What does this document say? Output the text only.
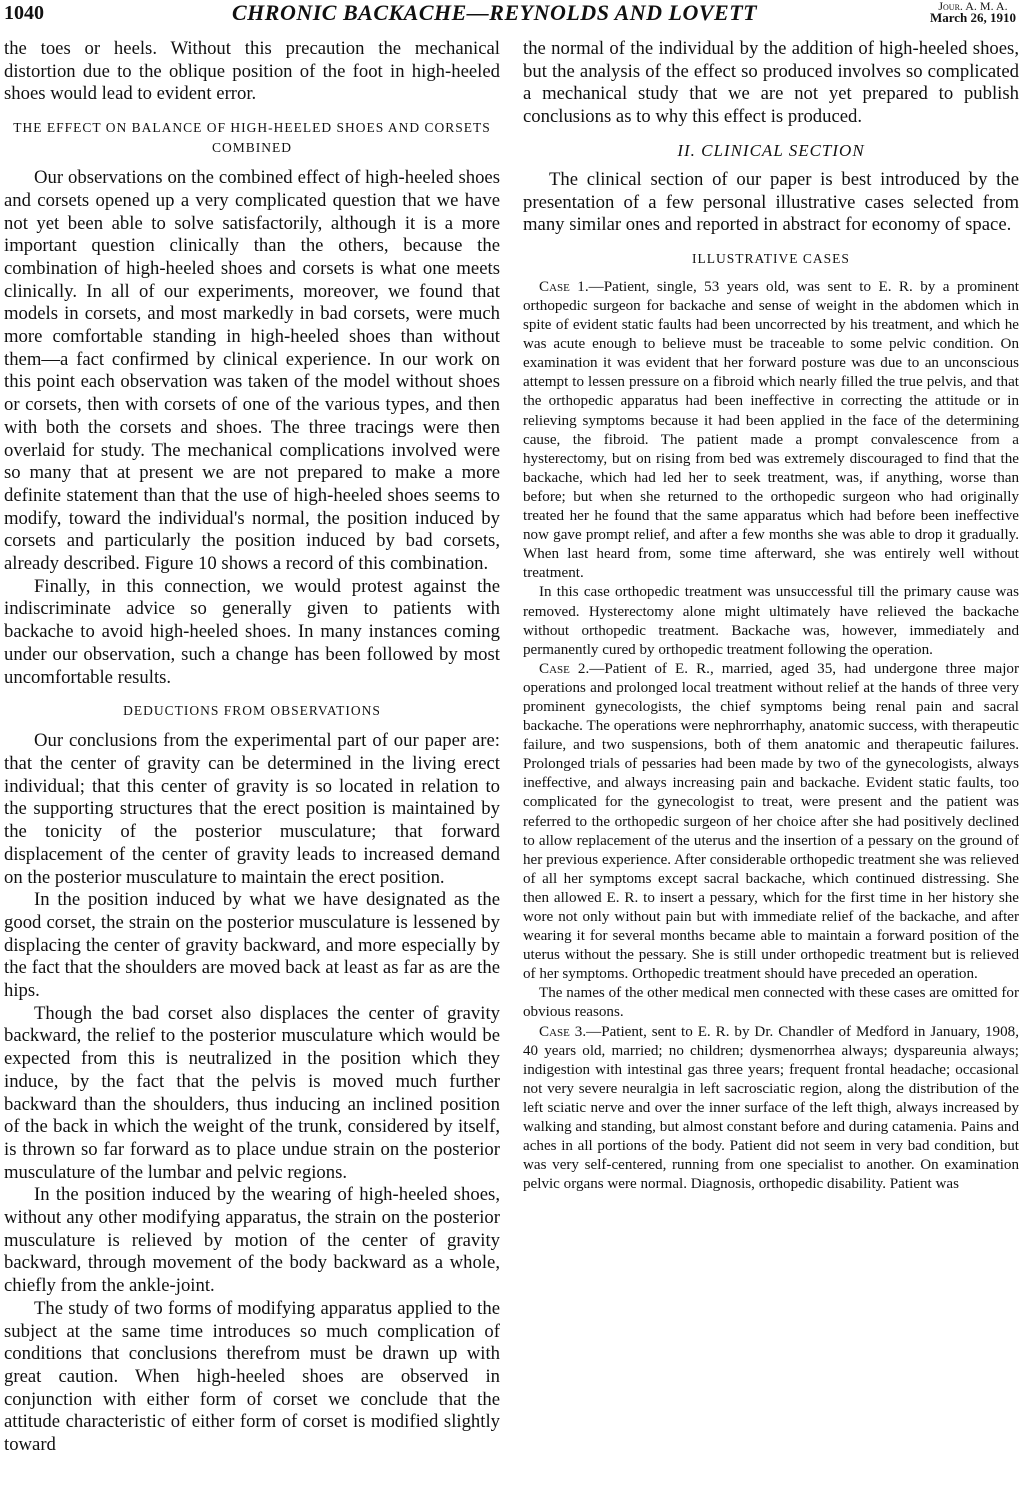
1040	CHRONIC BACKACHE—REYNOLDS AND LOVETT	Jour. A. M. A.
March 26, 1910

the toes or heels. Without this precaution the mechanical distortion due to the oblique position of the foot in high-heeled shoes would lead to evident error.

THE EFFECT ON BALANCE OF HIGH-HEELED SHOES AND CORSETS COMBINED

Our observations on the combined effect of high-heeled shoes and corsets opened up a very complicated question that we have not yet been able to solve satisfactorily, although it is a more important question clinically than the others, because the combination of high-heeled shoes and corsets is what one meets clinically. In all of our experiments, moreover, we found that models in corsets, and most markedly in bad corsets, were much more comfortable standing in high-heeled shoes than without them—a fact confirmed by clinical experience. In our work on this point each observation was taken of the model without shoes or corsets, then with corsets of one of the various types, and then with both the corsets and shoes. The three tracings were then overlaid for study. The mechanical complications involved were so many that at present we are not prepared to make a more definite statement than that the use of high-heeled shoes seems to modify, toward the individual's normal, the position induced by corsets and particularly the position induced by bad corsets, already described. Figure 10 shows a record of this combination.

Finally, in this connection, we would protest against the indiscriminate advice so generally given to patients with backache to avoid high-heeled shoes. In many instances coming under our observation, such a change has been followed by most uncomfortable results.

DEDUCTIONS FROM OBSERVATIONS

Our conclusions from the experimental part of our paper are: that the center of gravity can be determined in the living erect individual; that this center of gravity is so located in relation to the supporting structures that the erect position is maintained by the tonicity of the posterior musculature; that forward displacement of the center of gravity leads to increased demand on the posterior musculature to maintain the erect position.

In the position induced by what we have designated as the good corset, the strain on the posterior musculature is lessened by displacing the center of gravity backward, and more especially by the fact that the shoulders are moved back at least as far as are the hips.

Though the bad corset also displaces the center of gravity backward, the relief to the posterior musculature which would be expected from this is neutralized in the position which they induce, by the fact that the pelvis is moved much further backward than the shoulders, thus inducing an inclined position of the back in which the weight of the trunk, considered by itself, is thrown so far forward as to place undue strain on the posterior musculature of the lumbar and pelvic regions.

In the position induced by the wearing of high-heeled shoes, without any other modifying apparatus, the strain on the posterior musculature is relieved by motion of the center of gravity backward, through movement of the body backward as a whole, chiefly from the ankle-joint.

The study of two forms of modifying apparatus applied to the subject at the same time introduces so much complication of conditions that conclusions therefrom must be drawn up with great caution. When high-heeled shoes are observed in conjunction with either form of corset we conclude that the attitude characteristic of either form of corset is modified slightly toward

the normal of the individual by the addition of high-heeled shoes, but the analysis of the effect so produced involves so complicated a mechanical study that we are not yet prepared to publish conclusions as to why this effect is produced.

II. CLINICAL SECTION

The clinical section of our paper is best introduced by the presentation of a few personal illustrative cases selected from many similar ones and reported in abstract for economy of space.

ILLUSTRATIVE CASES

Case 1.—Patient, single, 53 years old, was sent to E. R. by a prominent orthopedic surgeon for backache and sense of weight in the abdomen which in spite of evident static faults had been uncorrected by his treatment, and which he was acute enough to believe must be traceable to some pelvic condition. On examination it was evident that her forward posture was due to an unconscious attempt to lessen pressure on a fibroid which nearly filled the true pelvis, and that the orthopedic apparatus had been ineffective in correcting the attitude or in relieving symptoms because it had been applied in the face of the determining cause, the fibroid. The patient made a prompt convalescence from a hysterectomy, but on rising from bed was extremely discouraged to find that the backache, which had led her to seek treatment, was, if anything, worse than before; but when she returned to the orthopedic surgeon who had originally treated her he found that the same apparatus which had before been ineffective now gave prompt relief, and after a few months she was able to drop it gradually. When last heard from, some time afterward, she was entirely well without treatment.

In this case orthopedic treatment was unsuccessful till the primary cause was removed. Hysterectomy alone might ultimately have relieved the backache without orthopedic treatment. Backache was, however, immediately and permanently cured by orthopedic treatment following the operation.

Case 2.—Patient of E. R., married, aged 35, had undergone three major operations and prolonged local treatment without relief at the hands of three very prominent gynecologists, the chief symptoms being renal pain and sacral backache. The operations were nephrorrhaphy, anatomic success, with therapeutic failure, and two suspensions, both of them anatomic and therapeutic failures. Prolonged trials of pessaries had been made by two of the gynecologists, always ineffective, and always increasing pain and backache. Evident static faults, too complicated for the gynecologist to treat, were present and the patient was referred to the orthopedic surgeon of her choice after she had positively declined to allow replacement of the uterus and the insertion of a pessary on the ground of her previous experience. After considerable orthopedic treatment she was relieved of all her symptoms except sacral backache, which continued distressing. She then allowed E. R. to insert a pessary, which for the first time in her history she wore not only without pain but with immediate relief of the backache, and after wearing it for several months became able to maintain a forward position of the uterus without the pessary. She is still under orthopedic treatment but is relieved of her symptoms. Orthopedic treatment should have preceded an operation.

The names of the other medical men connected with these cases are omitted for obvious reasons.

Case 3.—Patient, sent to E. R. by Dr. Chandler of Medford in January, 1908, 40 years old, married; no children; dysmenorrhea always; dyspareunia always; indigestion with intestinal gas three years; frequent frontal headache; occasional not very severe neuralgia in left sacrosciatic region, along the distribution of the left sciatic nerve and over the inner surface of the left thigh, always increased by walking and standing, but almost constant before and during catamenia. Pains and aches in all portions of the body. Patient did not seem in very bad condition, but was very self-centered, running from one specialist to another. On examination pelvic organs were normal. Diagnosis, orthopedic disability. Patient was
